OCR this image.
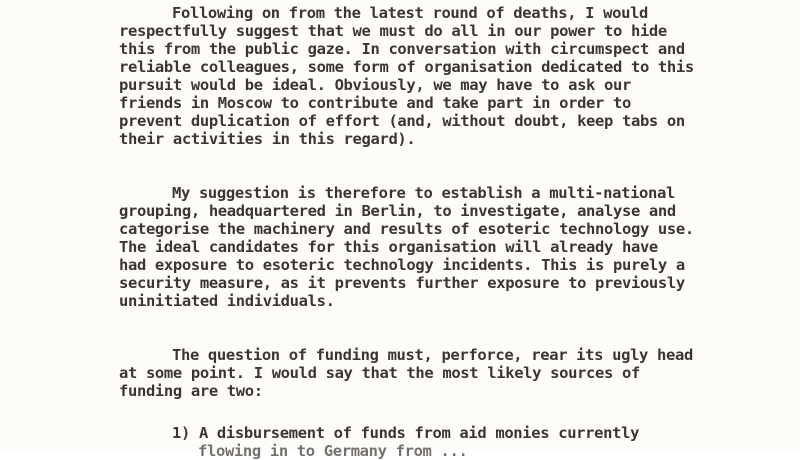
Following on from the latest round of deaths, I would
respectfully suggest that we must do all in our power to hide
this from the public gaze. In conversation with circumspect and
reliable colleagues, some form of organisation dedicated to this
pursuit would be ideal. Obviously, we may have to ask our
friends in Moscow to contribute and take part in order to
prevent duplication of effort (and, without doubt, keep tabs on
their activities in this regard).
My suggestion is therefore to establish a multi-national
grouping, headquartered in Berlin, to investigate, analyse and
categorise the machinery and results of esoteric technology use.
The ideal candidates for this organisation will already have
had exposure to esoteric technology incidents. This is purely a
security measure, as it prevents further exposure to previously
uninitiated individuals.
The question of funding must, perforce, rear its ugly head
at some point. I would say that the most likely sources of
funding are two:
1) A disbursement of funds from aid monies currently
flowing in to Germany from ...
